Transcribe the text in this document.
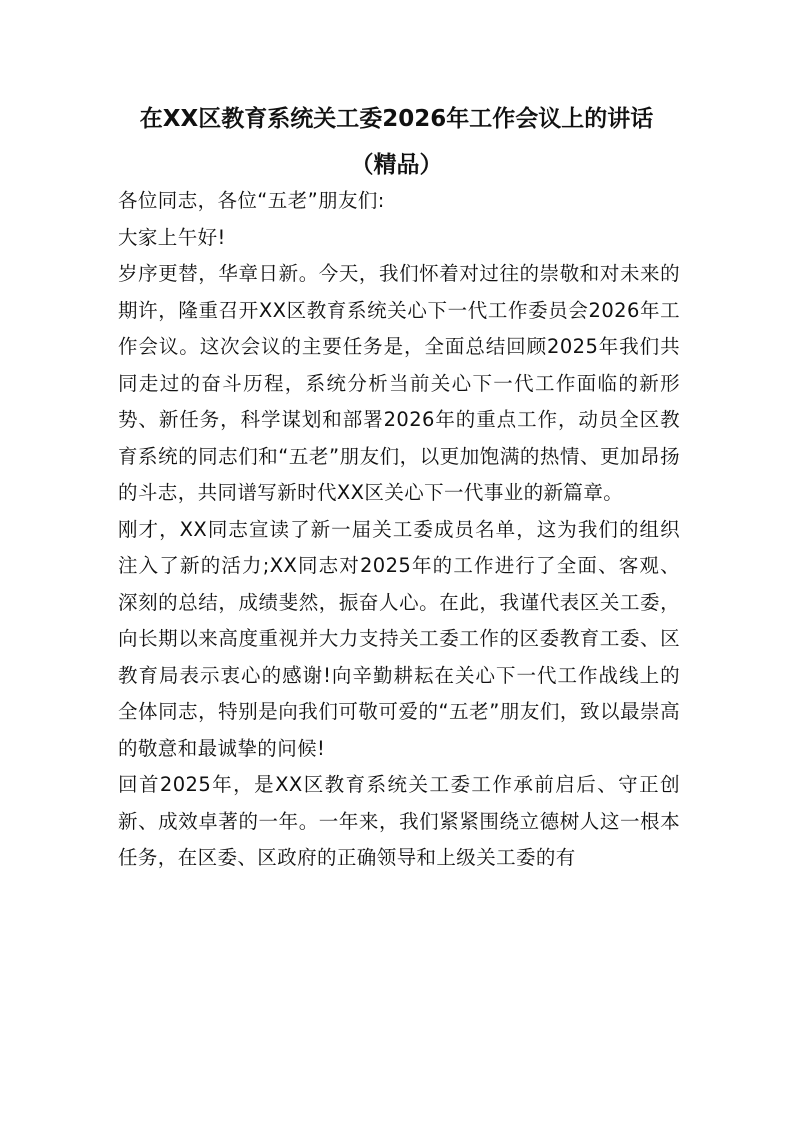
在XX区教育系统关工委2026年工作会议上的讲话
（精品）

各位同志，各位“五老”朋友们:

大家上午好!

岁序更替，华章日新。今天，我们怀着对过往的崇敬和对未来的期许，隆重召开XX区教育系统关心下一代工作委员会2026年工作会议。这次会议的主要任务是，全面总结回顾2025年我们共同走过的奋斗历程，系统分析当前关心下一代工作面临的新形势、新任务，科学谋划和部署2026年的重点工作，动员全区教育系统的同志们和“五老”朋友们，以更加饱满的热情、更加昂扬的斗志，共同谱写新时代XX区关心下一代事业的新篇章。

刚才，XX同志宣读了新一届关工委成员名单，这为我们的组织注入了新的活力;XX同志对2025年的工作进行了全面、客观、深刻的总结，成绩斐然，振奋人心。在此，我谨代表区关工委，向长期以来高度重视并大力支持关工委工作的区委教育工委、区教育局表示衷心的感谢!向辛勤耕耘在关心下一代工作战线上的全体同志，特别是向我们可敬可爱的“五老”朋友们，致以最崇高的敬意和最诚挚的问候!

回首2025年，是XX区教育系统关工委工作承前启后、守正创新、成效卓著的一年。一年来，我们紧紧围绕立德树人这一根本任务，在区委、区政府的正确领导和上级关工委的有
